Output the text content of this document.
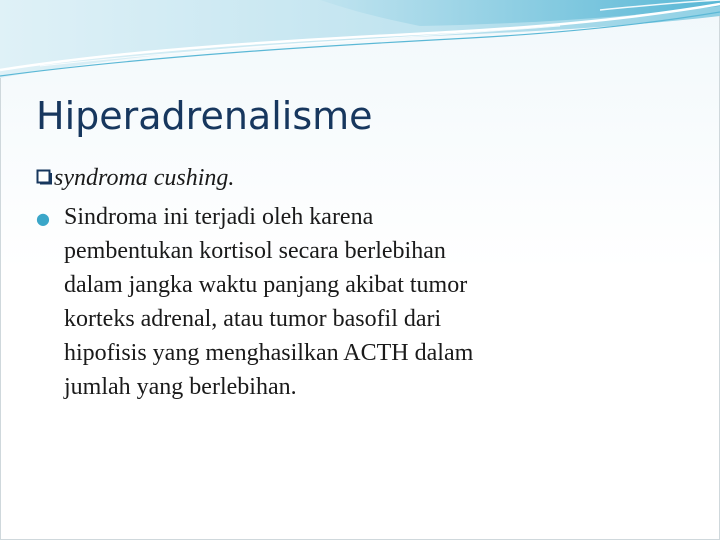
Hiperadrenalisme
syndroma cushing.
● Sindroma ini terjadi oleh karena
pembentukan kortisol secara berlebihan
dalam jangka waktu panjang akibat tumor
korteks adrenal, atau tumor basofil dari
hipofisis yang menghasilkan ACTH dalam
jumlah yang berlebihan.
